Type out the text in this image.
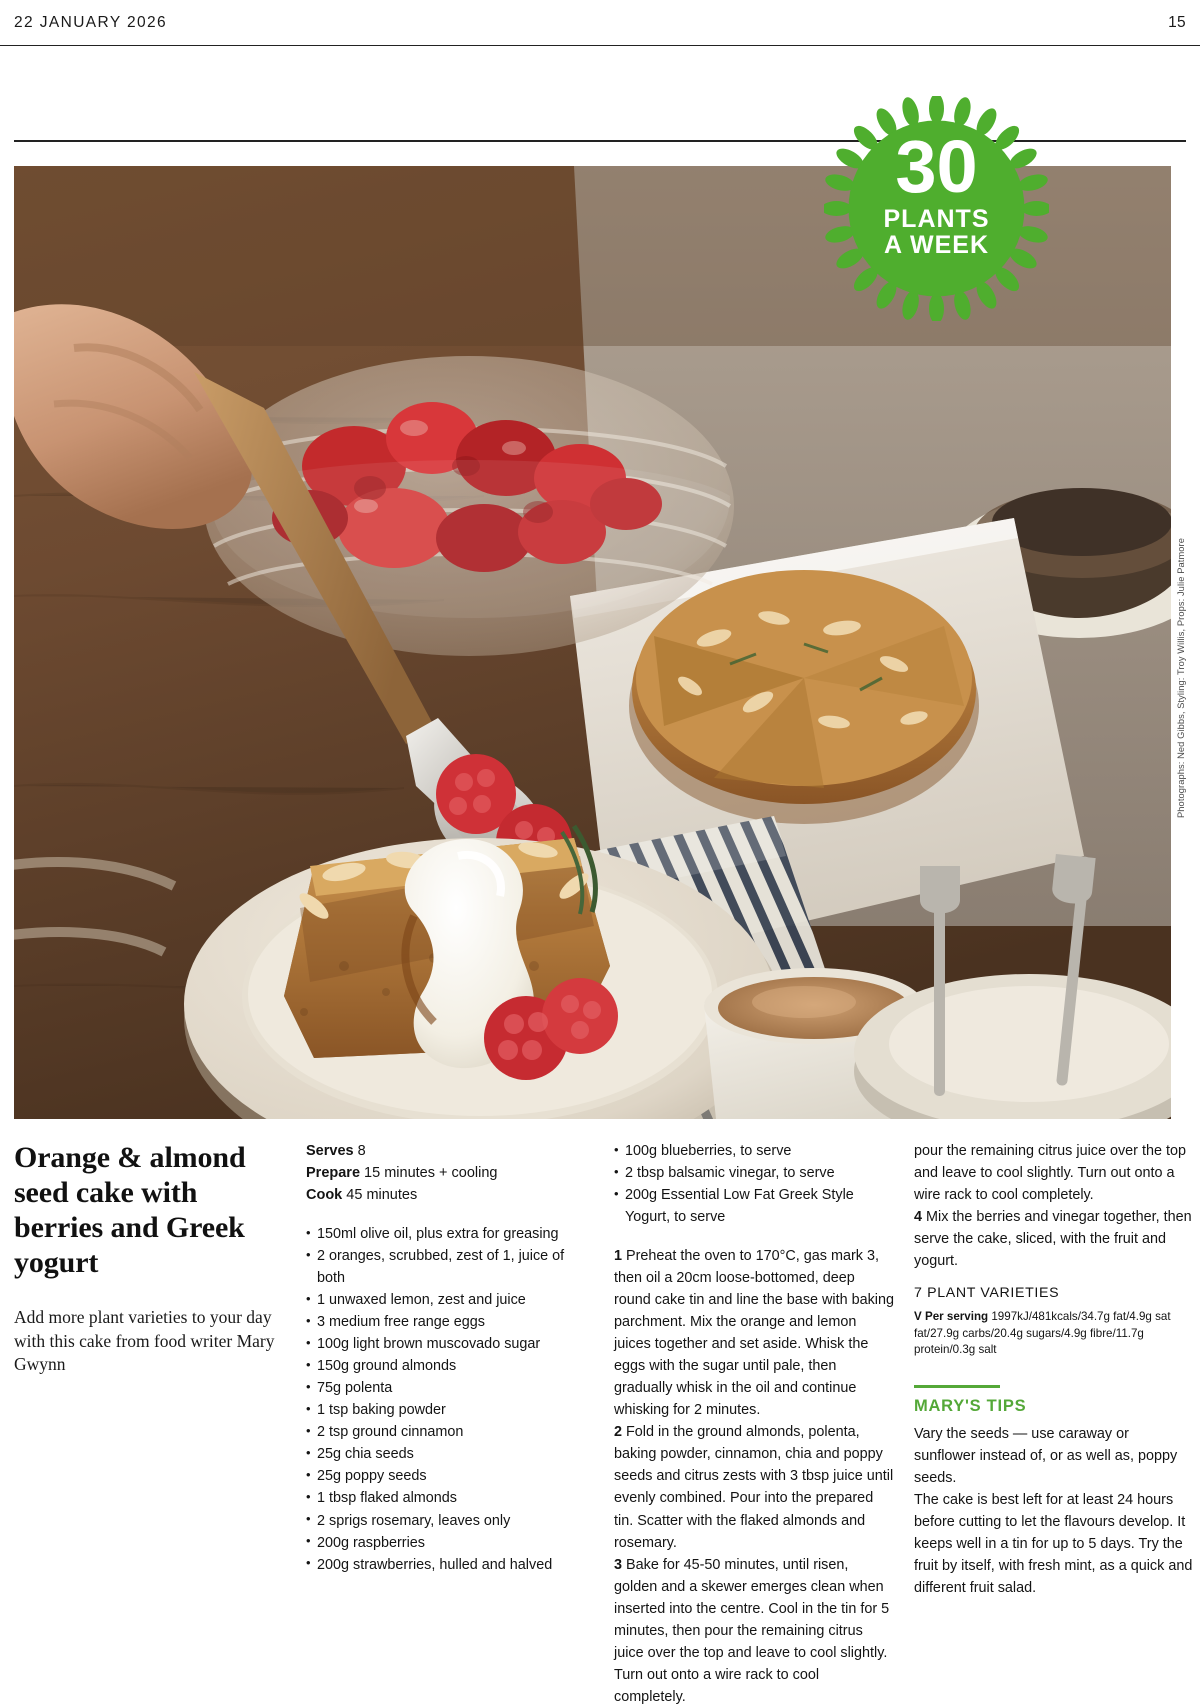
22 JANUARY 2026	15
Photographs: Ned Gibbs, Styling: Troy Willis, Props: Julie Patmore
30
PLANTS
A WEEK
Orange & almond seed cake with berries and Greek yogurt

Add more plant varieties to your day with this cake from food writer Mary Gwynn

Serves 8
Prepare 15 minutes + cooling
Cook 45 minutes
• 150ml olive oil, plus extra for greasing
• 2 oranges, scrubbed, zest of 1, juice of both
• 1 unwaxed lemon, zest and juice
• 3 medium free range eggs
• 100g light brown muscovado sugar
• 150g ground almonds
• 75g polenta
• 1 tsp baking powder
• 2 tsp ground cinnamon
• 25g chia seeds
• 25g poppy seeds
• 1 tbsp flaked almonds
• 2 sprigs rosemary, leaves only
• 200g raspberries
• 200g strawberries, hulled and halved
• 100g blueberries, to serve
• 2 tbsp balsamic vinegar, to serve
• 200g Essential Low Fat Greek Style Yogurt, to serve

1 Preheat the oven to 170°C, gas mark 3, then oil a 20cm loose-bottomed, deep round cake tin and line the base with baking parchment. Mix the orange and lemon juices together and set aside. Whisk the eggs with the sugar until pale, then gradually whisk in the oil and continue whisking for 2 minutes.

2 Fold in the ground almonds, polenta, baking powder, cinnamon, chia and poppy seeds and citrus zests with 3 tbsp juice until evenly combined. Pour into the prepared tin. Scatter with the flaked almonds and rosemary.

3 Bake for 45-50 minutes, until risen, golden and a skewer emerges clean when inserted into the centre. Cool in the tin for 5 minutes, then pour the remaining citrus juice over the top and leave to cool slightly. Turn out onto a wire rack to cool completely.

pour the remaining citrus juice over the top and leave to cool slightly. Turn out onto a wire rack to cool completely.

4 Mix the berries and vinegar together, then serve the cake, sliced, with the fruit and yogurt.

7 PLANT VARIETIES
V Per serving 1997kJ/481kcals/34.7g fat/4.9g sat fat/27.9g carbs/20.4g sugars/4.9g fibre/11.7g protein/0.3g salt
MARY'S TIPS

Vary the seeds — use caraway or sunflower instead of, or as well as, poppy seeds.

The cake is best left for at least 24 hours before cutting to let the flavours develop. It keeps well in a tin for up to 5 days. Try the fruit by itself, with fresh mint, as a quick and different fruit salad.
